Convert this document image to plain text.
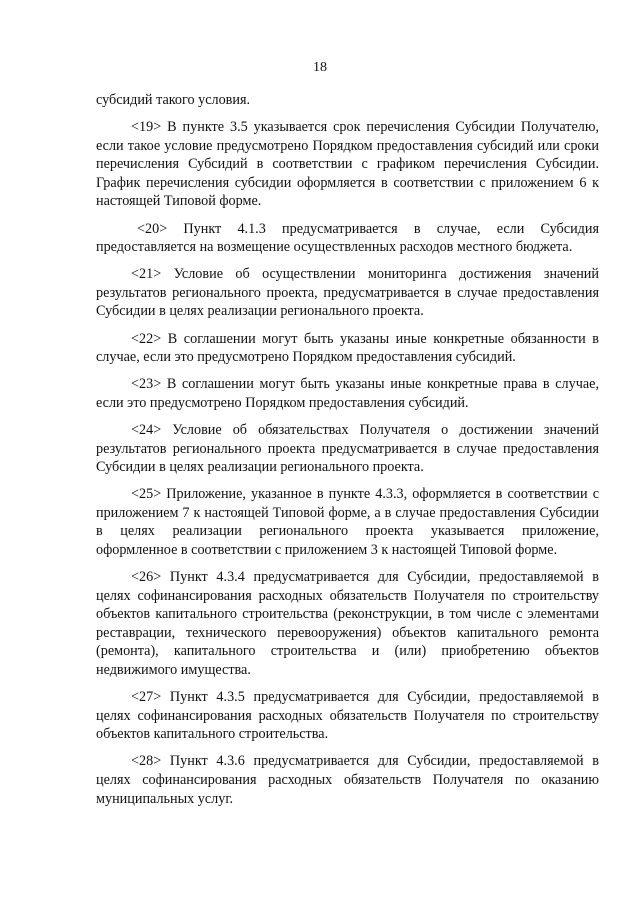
18

субсидий такого условия.

<19> В пункте 3.5 указывается срок перечисления Субсидии Получателю, если такое условие предусмотрено Порядком предоставления субсидий или сроки перечисления Субсидий в соответствии с графиком перечисления Субсидии. График перечисления субсидии оформляется в соответствии с приложением 6 к настоящей Типовой форме.

<20> Пункт 4.1.3 предусматривается в случае, если Субсидия предоставляется на возмещение осуществленных расходов местного бюджета.

<21> Условие об осуществлении мониторинга достижения значений результатов регионального проекта, предусматривается в случае предоставления Субсидии в целях реализации регионального проекта.

<22> В соглашении могут быть указаны иные конкретные обязанности в случае, если это предусмотрено Порядком предоставления субсидий.

<23> В соглашении могут быть указаны иные конкретные права в случае, если это предусмотрено Порядком предоставления субсидий.

<24> Условие об обязательствах Получателя о достижении значений результатов регионального проекта предусматривается в случае предоставления Субсидии в целях реализации регионального проекта.

<25> Приложение, указанное в пункте 4.3.3, оформляется в соответствии с приложением 7 к настоящей Типовой форме, а в случае предоставления Субсидии в целях реализации регионального проекта указывается приложение, оформленное в соответствии с приложением 3 к настоящей Типовой форме.

<26> Пункт 4.3.4 предусматривается для Субсидии, предоставляемой в целях софинансирования расходных обязательств Получателя по строительству объектов капитального строительства (реконструкции, в том числе с элементами реставрации, технического перевооружения) объектов капитального ремонта (ремонта), капитального строительства и (или) приобретению объектов недвижимого имущества.

<27> Пункт 4.3.5 предусматривается для Субсидии, предоставляемой в целях софинансирования расходных обязательств Получателя по строительству объектов капитального строительства.

<28> Пункт 4.3.6 предусматривается для Субсидии, предоставляемой в целях софинансирования расходных обязательств Получателя по оказанию муниципальных услуг.
